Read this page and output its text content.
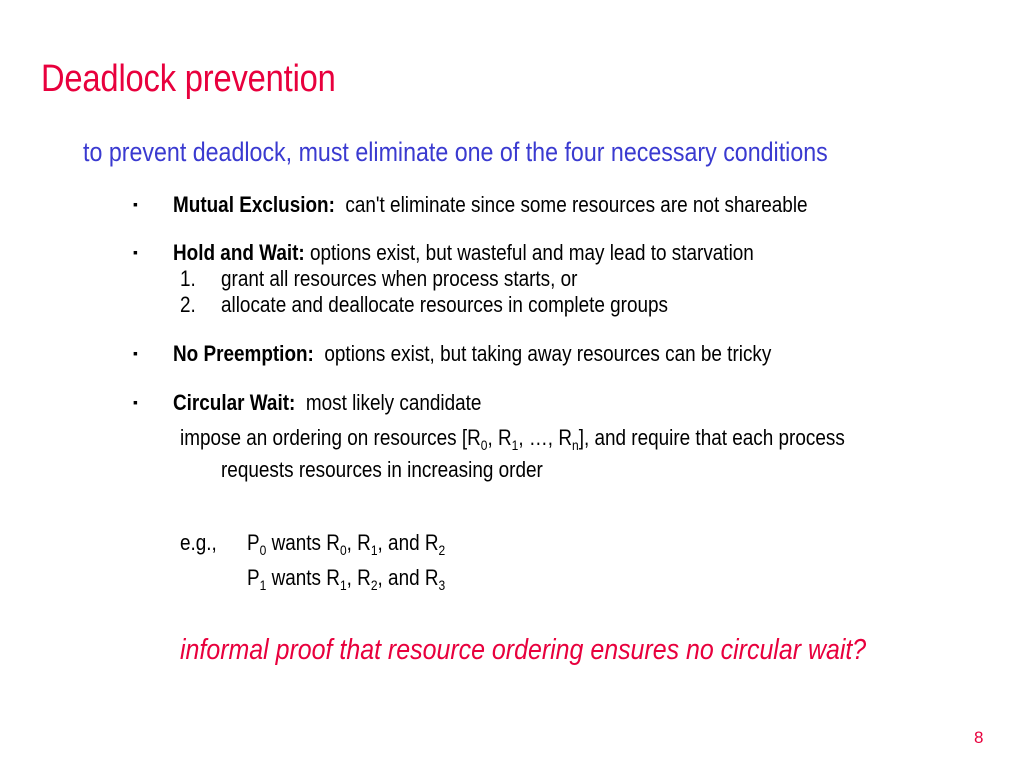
Deadlock prevention
to prevent deadlock, must eliminate one of the four necessary conditions
▪ Mutual Exclusion: can't eliminate since some resources are not shareable
▪ Hold and Wait: options exist, but wasteful and may lead to starvation
1. grant all resources when process starts, or
2. allocate and deallocate resources in complete groups
▪ No Preemption: options exist, but taking away resources can be tricky
▪ Circular Wait: most likely candidate
impose an ordering on resources [$R_0$, $R_1$, …, $R_n$], and require that each process
requests resources in increasing order
e.g., $P_0$ wants $R_0$, $R_1$, and $R_2$
$P_1$ wants $R_1$, $R_2$, and $R_3$
informal proof that resource ordering ensures no circular wait?
8
